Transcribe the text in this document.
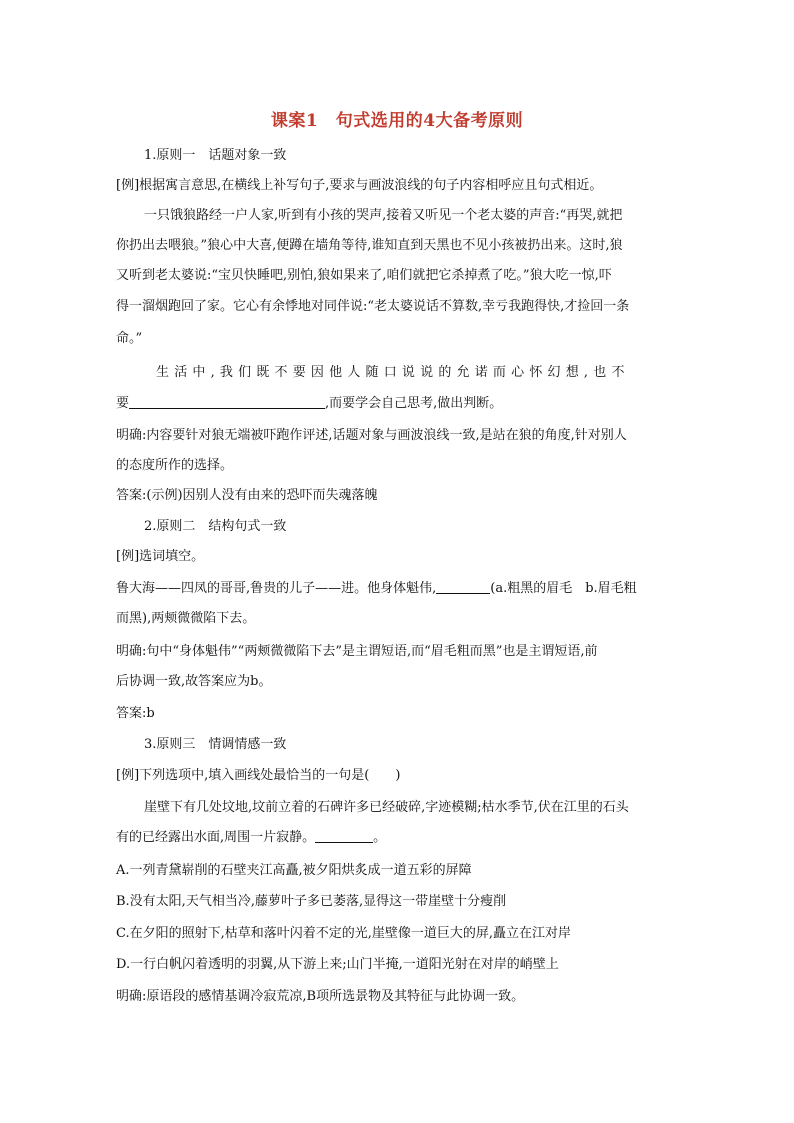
课案1　句式选用的4大备考原则
1.原则一　话题对象一致
[例]根据寓言意思,在横线上补写句子,要求与画波浪线的句子内容相呼应且句式相近。
一只饿狼路经一户人家,听到有小孩的哭声,接着又听见一个老太婆的声音:“再哭,就把
你扔出去喂狼。”狼心中大喜,便蹲在墙角等待,谁知直到天黑也不见小孩被扔出来。这时,狼
又听到老太婆说:“宝贝快睡吧,别怕,狼如果来了,咱们就把它杀掉煮了吃。”狼大吃一惊,吓
得一溜烟跑回了家。它心有余悸地对同伴说:“老太婆说话不算数,幸亏我跑得快,才捡回一条
命。”
生活中,我们既不要因他人随口说说的允诺而心怀幻想,也不
要	,而要学会自己思考,做出判断。
明确:内容要针对狼无端被吓跑作评述,话题对象与画波浪线一致,是站在狼的角度,针对别人
的态度所作的选择。
答案:(示例)因别人没有由来的恐吓而失魂落魄
2.原则二　结构句式一致
[例]选词填空。
鲁大海——四凤的哥哥,鲁贵的儿子——进。他身体魁伟,	(a.粗黑的眉毛　b.眉毛粗
而黑),两颊微微陷下去。
明确:句中“身体魁伟”“两颊微微陷下去”是主谓短语,而“眉毛粗而黑”也是主谓短语,前
后协调一致,故答案应为b。
答案:b
3.原则三　情调情感一致
[例]下列选项中,填入画线处最恰当的一句是(　　)
崖壁下有几处坟地,坟前立着的石碑许多已经破碎,字迹模糊;枯水季节,伏在江里的石头
有的已经露出水面,周围一片寂静。	。
A.一列青黛崭削的石壁夹江高矗,被夕阳烘炙成一道五彩的屏障
B.没有太阳,天气相当冷,藤萝叶子多已萎落,显得这一带崖壁十分瘦削
C.在夕阳的照射下,枯草和落叶闪着不定的光,崖壁像一道巨大的屏,矗立在江对岸
D.一行白帆闪着透明的羽翼,从下游上来;山门半掩,一道阳光射在对岸的峭壁上
明确:原语段的感情基调冷寂荒凉,B项所选景物及其特征与此协调一致。
